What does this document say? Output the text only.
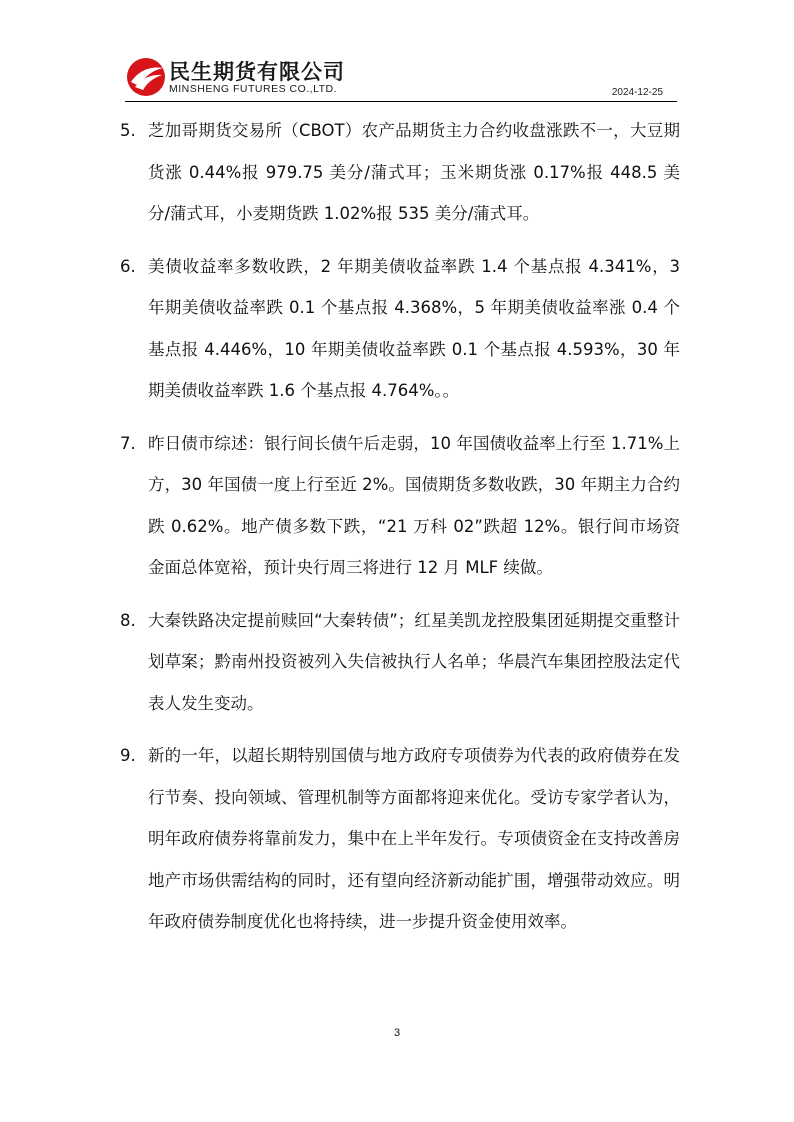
民生期货有限公司
MINSHENG FUTURES CO.,LTD.	2024-12-25
5. 芝加哥期货交易所（CBOT）农产品期货主力合约收盘涨跌不一，大豆期货涨 0.44%报 979.75 美分/蒲式耳；玉米期货涨 0.17%报 448.5 美分/蒲式耳，小麦期货跌 1.02%报 535 美分/蒲式耳。
6. 美债收益率多数收跌，2 年期美债收益率跌 1.4 个基点报 4.341%，3 年期美债收益率跌 0.1 个基点报 4.368%，5 年期美债收益率涨 0.4 个基点报 4.446%，10 年期美债收益率跌 0.1 个基点报 4.593%，30 年期美债收益率跌 1.6 个基点报 4.764%。。
7. 昨日债市综述：银行间长债午后走弱，10 年国债收益率上行至 1.71%上方，30 年国债一度上行至近 2%。国债期货多数收跌，30 年期主力合约跌 0.62%。地产债多数下跌，“21 万科 02”跌超 12%。银行间市场资金面总体宽裕，预计央行周三将进行 12 月 MLF 续做。
8. 大秦铁路决定提前赎回“大秦转债”；红星美凯龙控股集团延期提交重整计划草案；黔南州投资被列入失信被执行人名单；华晨汽车集团控股法定代表人发生变动。
9. 新的一年，以超长期特别国债与地方政府专项债券为代表的政府债券在发行节奏、投向领域、管理机制等方面都将迎来优化。受访专家学者认为，明年政府债券将靠前发力，集中在上半年发行。专项债资金在支持改善房地产市场供需结构的同时，还有望向经济新动能扩围，增强带动效应。明年政府债券制度优化也将持续，进一步提升资金使用效率。
3
